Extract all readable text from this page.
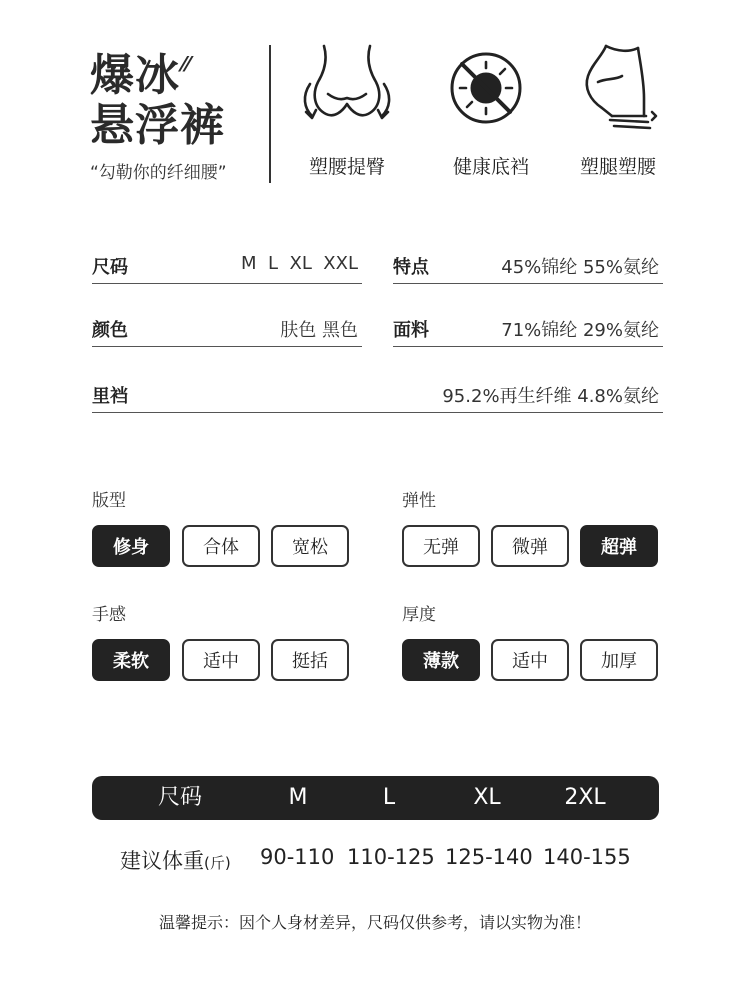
爆冰 ⁄⁄
悬浮裤
“勾勒你的纤细腰”	塑腰提臀	健康底裆	塑腿塑腰
尺码	M  L  XL  XXL 特点	45%锦纶 55%氨纶
颜色	肤色 黑色 面料	71%锦纶 29%氨纶
里裆	95.2%再生纤维 4.8%氨纶
版型
修身	合体	宽松
弹性
无弹	微弹	超弹
手感
柔软	适中	挺括
厚度
薄款	适中	加厚
尺码	M	L	XL	2XL
建议体重(斤) 90-110 110-125 125-140 140-155
温馨提示：因个人身材差异，尺码仅供参考，请以实物为准！
